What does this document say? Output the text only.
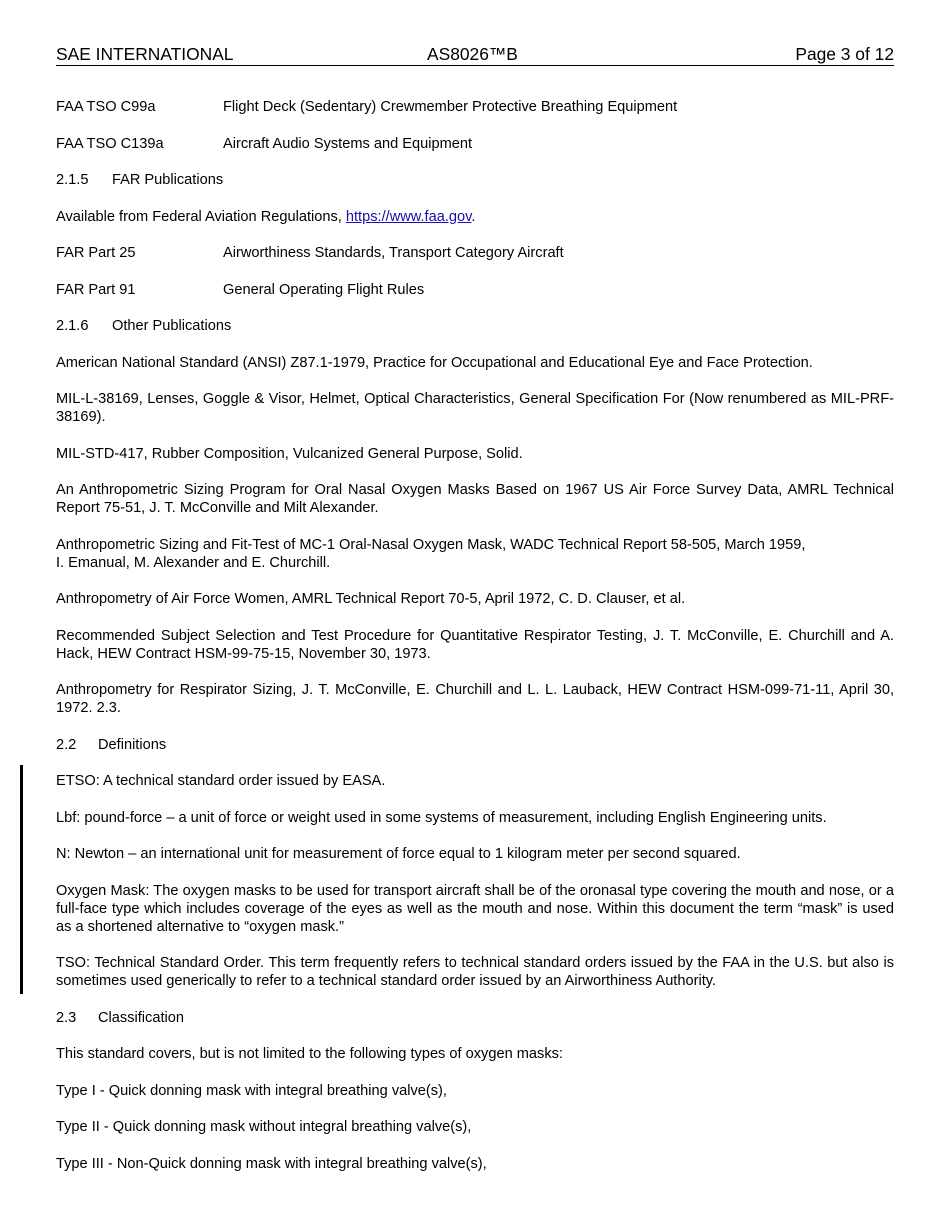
SAE INTERNATIONAL	AS8026™B	Page 3 of 12
FAA TSO C99a	Flight Deck (Sedentary) Crewmember Protective Breathing Equipment
FAA TSO C139a	Aircraft Audio Systems and Equipment
2.1.5	FAR Publications
Available from Federal Aviation Regulations, https://www.faa.gov.
FAR Part 25	Airworthiness Standards, Transport Category Aircraft
FAR Part 91	General Operating Flight Rules
2.1.6	Other Publications
American National Standard (ANSI) Z87.1-1979, Practice for Occupational and Educational Eye and Face Protection.
MIL-L-38169, Lenses, Goggle & Visor, Helmet, Optical Characteristics, General Specification For (Now renumbered as MIL-PRF-38169).
MIL-STD-417, Rubber Composition, Vulcanized General Purpose, Solid.
An Anthropometric Sizing Program for Oral Nasal Oxygen Masks Based on 1967 US Air Force Survey Data, AMRL Technical Report 75-51, J. T. McConville and Milt Alexander.
Anthropometric Sizing and Fit-Test of MC-1 Oral-Nasal Oxygen Mask, WADC Technical Report 58-505, March 1959,
I. Emanual, M. Alexander and E. Churchill.
Anthropometry of Air Force Women, AMRL Technical Report 70-5, April 1972, C. D. Clauser, et al.
Recommended Subject Selection and Test Procedure for Quantitative Respirator Testing, J. T. McConville, E. Churchill and A. Hack, HEW Contract HSM-99-75-15, November 30, 1973.
Anthropometry for Respirator Sizing, J. T. McConville, E. Churchill and L. L. Lauback, HEW Contract HSM-099-71-11, April 30, 1972. 2.3.
2.2	Definitions
ETSO: A technical standard order issued by EASA.
Lbf: pound-force – a unit of force or weight used in some systems of measurement, including English Engineering units.
N: Newton – an international unit for measurement of force equal to 1 kilogram meter per second squared.
Oxygen Mask: The oxygen masks to be used for transport aircraft shall be of the oronasal type covering the mouth and nose, or a full-face type which includes coverage of the eyes as well as the mouth and nose. Within this document the term “mask” is used as a shortened alternative to “oxygen mask.”
TSO: Technical Standard Order. This term frequently refers to technical standard orders issued by the FAA in the U.S. but also is sometimes used generically to refer to a technical standard order issued by an Airworthiness Authority.
2.3	Classification
This standard covers, but is not limited to the following types of oxygen masks:
Type I - Quick donning mask with integral breathing valve(s),
Type II - Quick donning mask without integral breathing valve(s),
Type III - Non-Quick donning mask with integral breathing valve(s),
